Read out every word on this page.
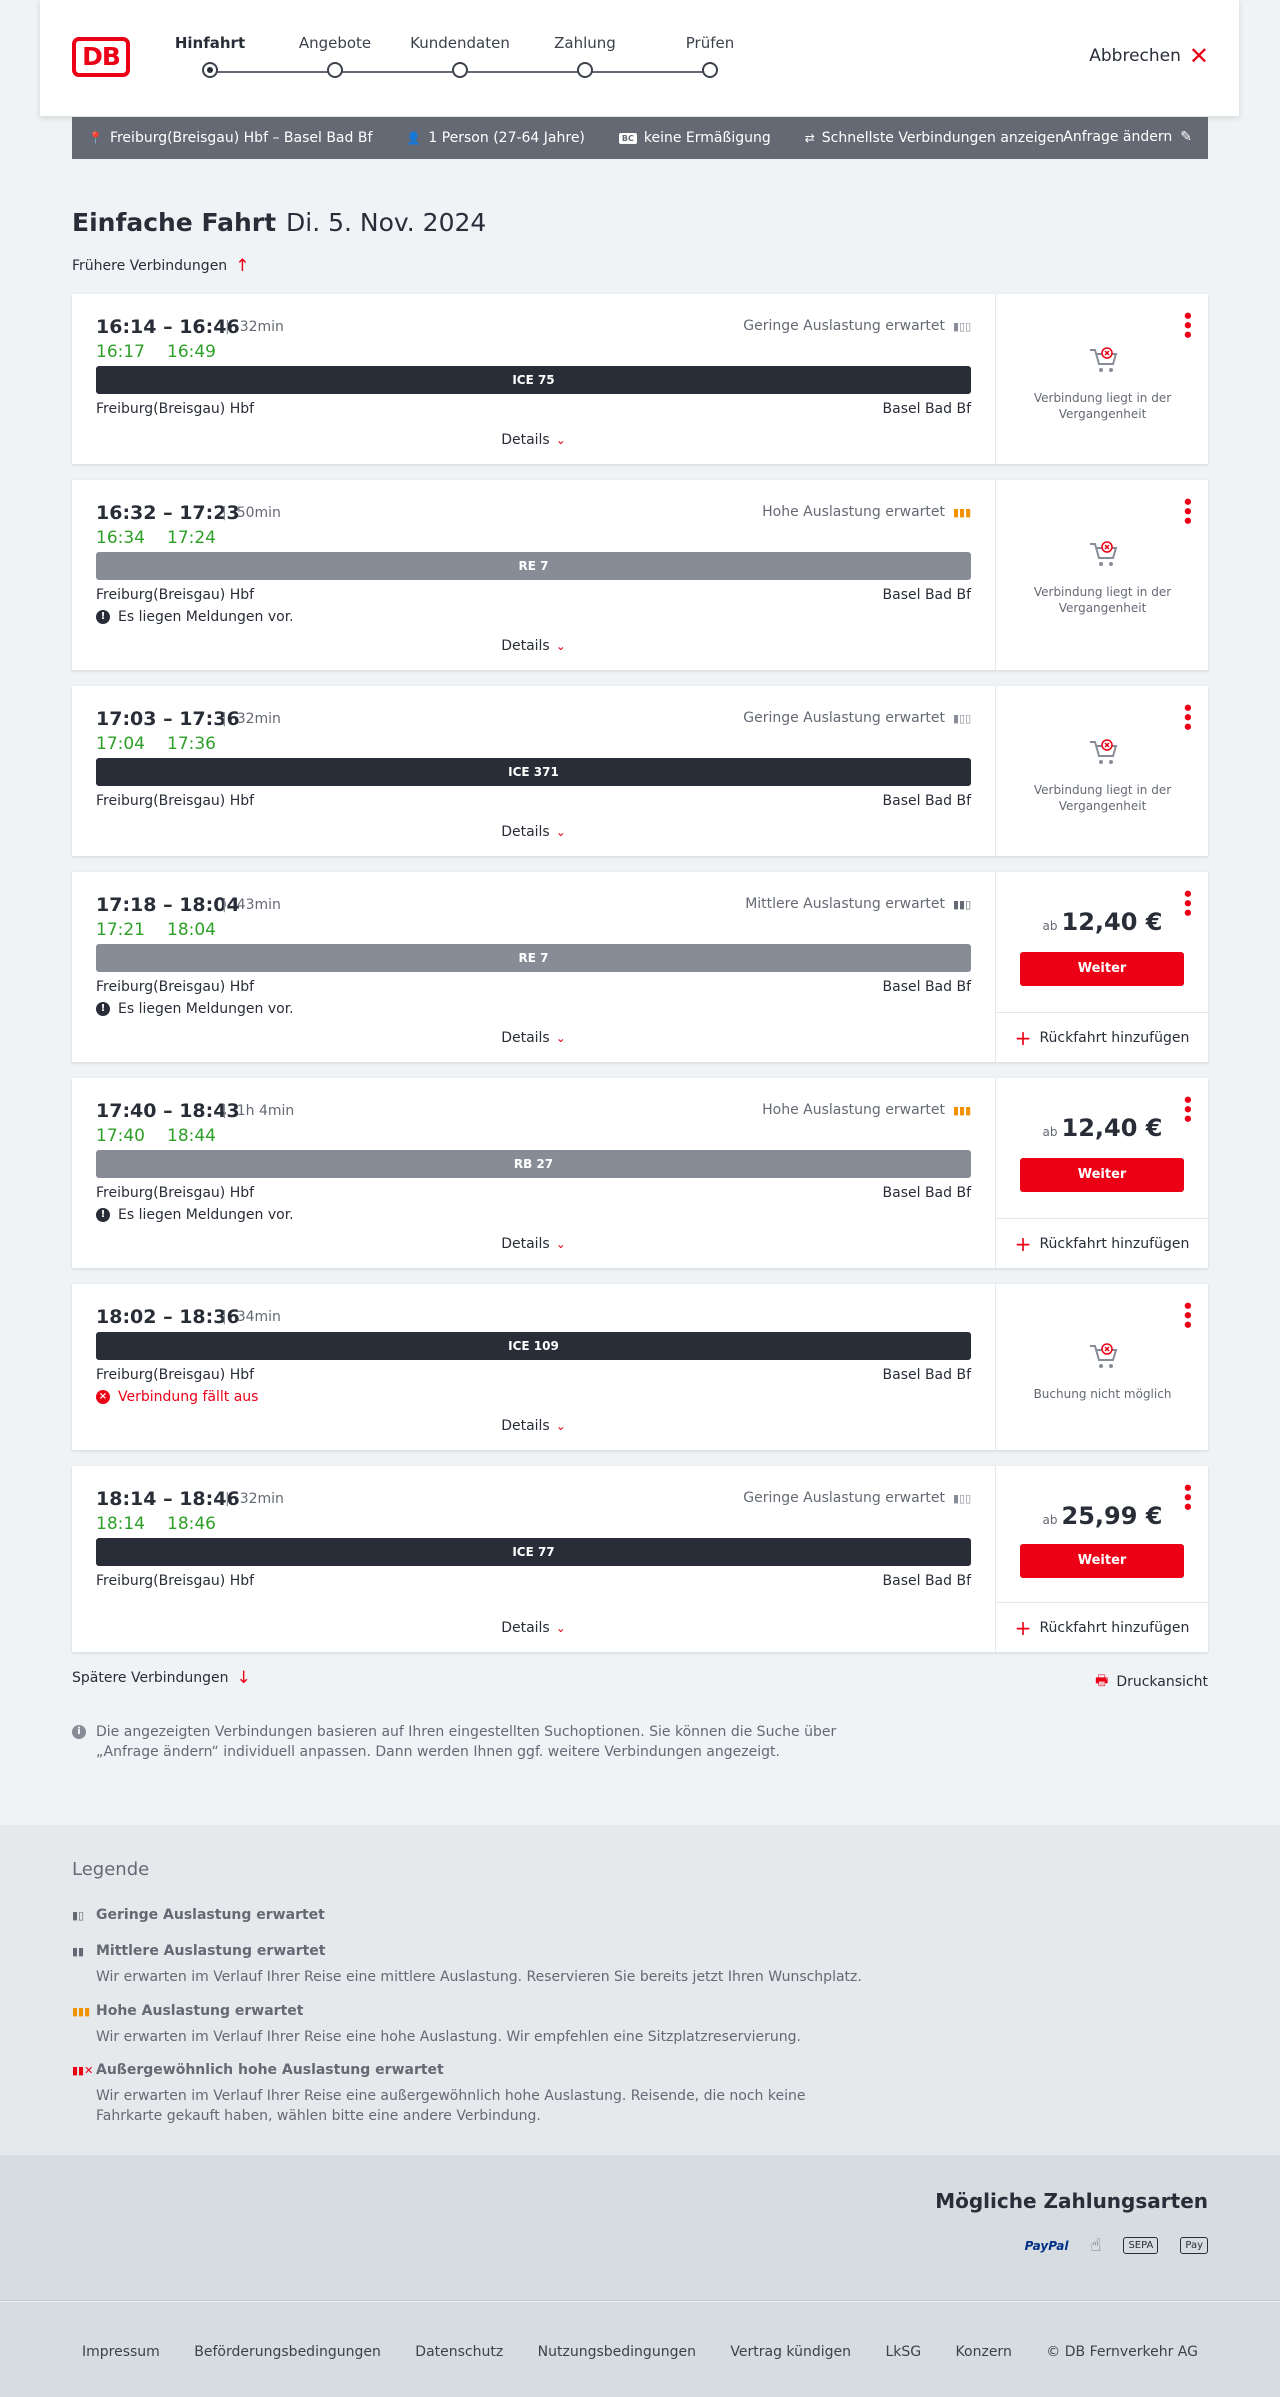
DB	Hinfahrt	Angebote	Kundendaten	Zahlung	Prüfen
Abbrechen ✕
📍 Freiburg(Breisgau) Hbf – Basel Bad Bf	👤 1 Person (27-64 Jahre)	BC keine Ermäßigung	⇄ Schnellste Verbindungen anzeigen Anfrage ändern ✎
Einfache Fahrt Di. 5. Nov. 2024
Frühere Verbindungen ↑
16:14 – 16:46 | 32min
16:17 16:49
Geringe Auslastung erwartet ▮▯▯
ICE 75
Freiburg(Breisgau) Hbf	Basel Bad Bf
Details ⌄
•••
Verbindung liegt in der Vergangenheit
16:32 – 17:23
| 50min
16:34 17:24
Hohe Auslastung erwartet ▮▮▮
RE 7
Freiburg(Breisgau) Hbf	Basel Bad Bf
! Es liegen Meldungen vor.
Details ⌄
•••
Verbindung liegt in der Vergangenheit
17:03 – 17:36
| 32min
17:04 17:36
Geringe Auslastung erwartet ▮▯▯
ICE 371
Freiburg(Breisgau) Hbf	Basel Bad Bf
Details ⌄
•••
Verbindung liegt in der Vergangenheit
17:18 – 18:04
| 43min
17:21 18:04
Mittlere Auslastung erwartet ▮▮▯
RE 7
Freiburg(Breisgau) Hbf	Basel Bad Bf
! Es liegen Meldungen vor.
Details ⌄
•••
ab 12,40 €
Weiter
+ Rückfahrt hinzufügen
17:40 – 18:43
| 1h 4min
17:40 18:44
Hohe Auslastung erwartet ▮▮▮
RB 27
Freiburg(Breisgau) Hbf	Basel Bad Bf
! Es liegen Meldungen vor.
Details ⌄
•••
ab 12,40 €
Weiter
+ Rückfahrt hinzufügen
18:02 – 18:36
| 34min
ICE 109
Freiburg(Breisgau) Hbf	Basel Bad Bf
× Verbindung fällt aus
Details ⌄
•••
Buchung nicht möglich
18:14 – 18:46 | 32min
18:14 18:46
Geringe Auslastung erwartet ▮▯▯
ICE 77
Freiburg(Breisgau) Hbf	Basel Bad Bf
Details ⌄
•••
ab 25,99 €
Weiter
+ Rückfahrt hinzufügen
Spätere Verbindungen ↓	🖶 Druckansicht
i	Die angezeigten Verbindungen basieren auf Ihren eingestellten Suchoptionen. Sie können die Suche über „Anfrage ändern“ individuell anpassen. Dann werden Ihnen ggf. weitere Verbindungen angezeigt.
Legende
▮▯ Geringe Auslastung erwartet
▮▮ Mittlere Auslastung erwartet
Wir erwarten im Verlauf Ihrer Reise eine mittlere Auslastung. Reservieren Sie bereits jetzt Ihren Wunschplatz.
▮▮▮ Hohe Auslastung erwartet
Wir erwarten im Verlauf Ihrer Reise eine hohe Auslastung. Wir empfehlen eine Sitzplatzreservierung.
▮▮✕ Außergewöhnlich hohe Auslastung erwartet
Wir erwarten im Verlauf Ihrer Reise eine außergewöhnlich hohe Auslastung. Reisende, die noch keine Fahrkarte gekauft haben, wählen bitte eine andere Verbindung.
Mögliche Zahlungsarten
PayPal ☝	SEPA	Pay
Impressum Beförderungsbedingungen Datenschutz Nutzungsbedingungen Vertrag kündigen LkSG Konzern © DB Fernverkehr AG
